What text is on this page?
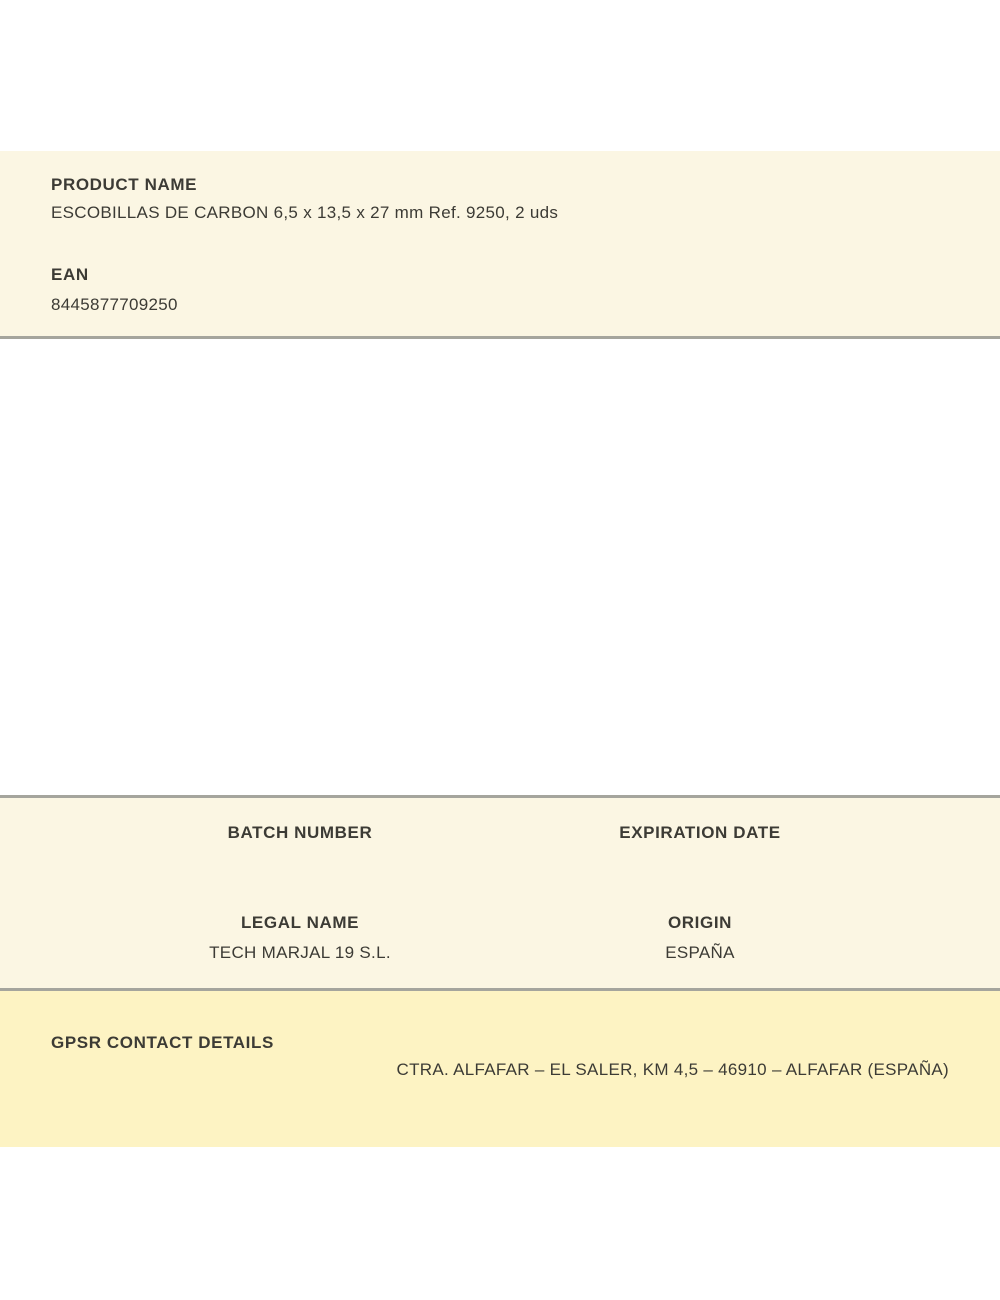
PRODUCT NAME
ESCOBILLAS DE CARBON 6,5 x 13,5 x 27 mm Ref. 9250, 2 uds
EAN
8445877709250
BATCH NUMBER	EXPIRATION DATE
LEGAL NAME
TECH MARJAL 19 S.L.
ORIGIN
ESPAÑA
GPSR CONTACT DETAILS
CTRA. ALFAFAR – EL SALER, KM 4,5 – 46910 – ALFAFAR (ESPAÑA)
